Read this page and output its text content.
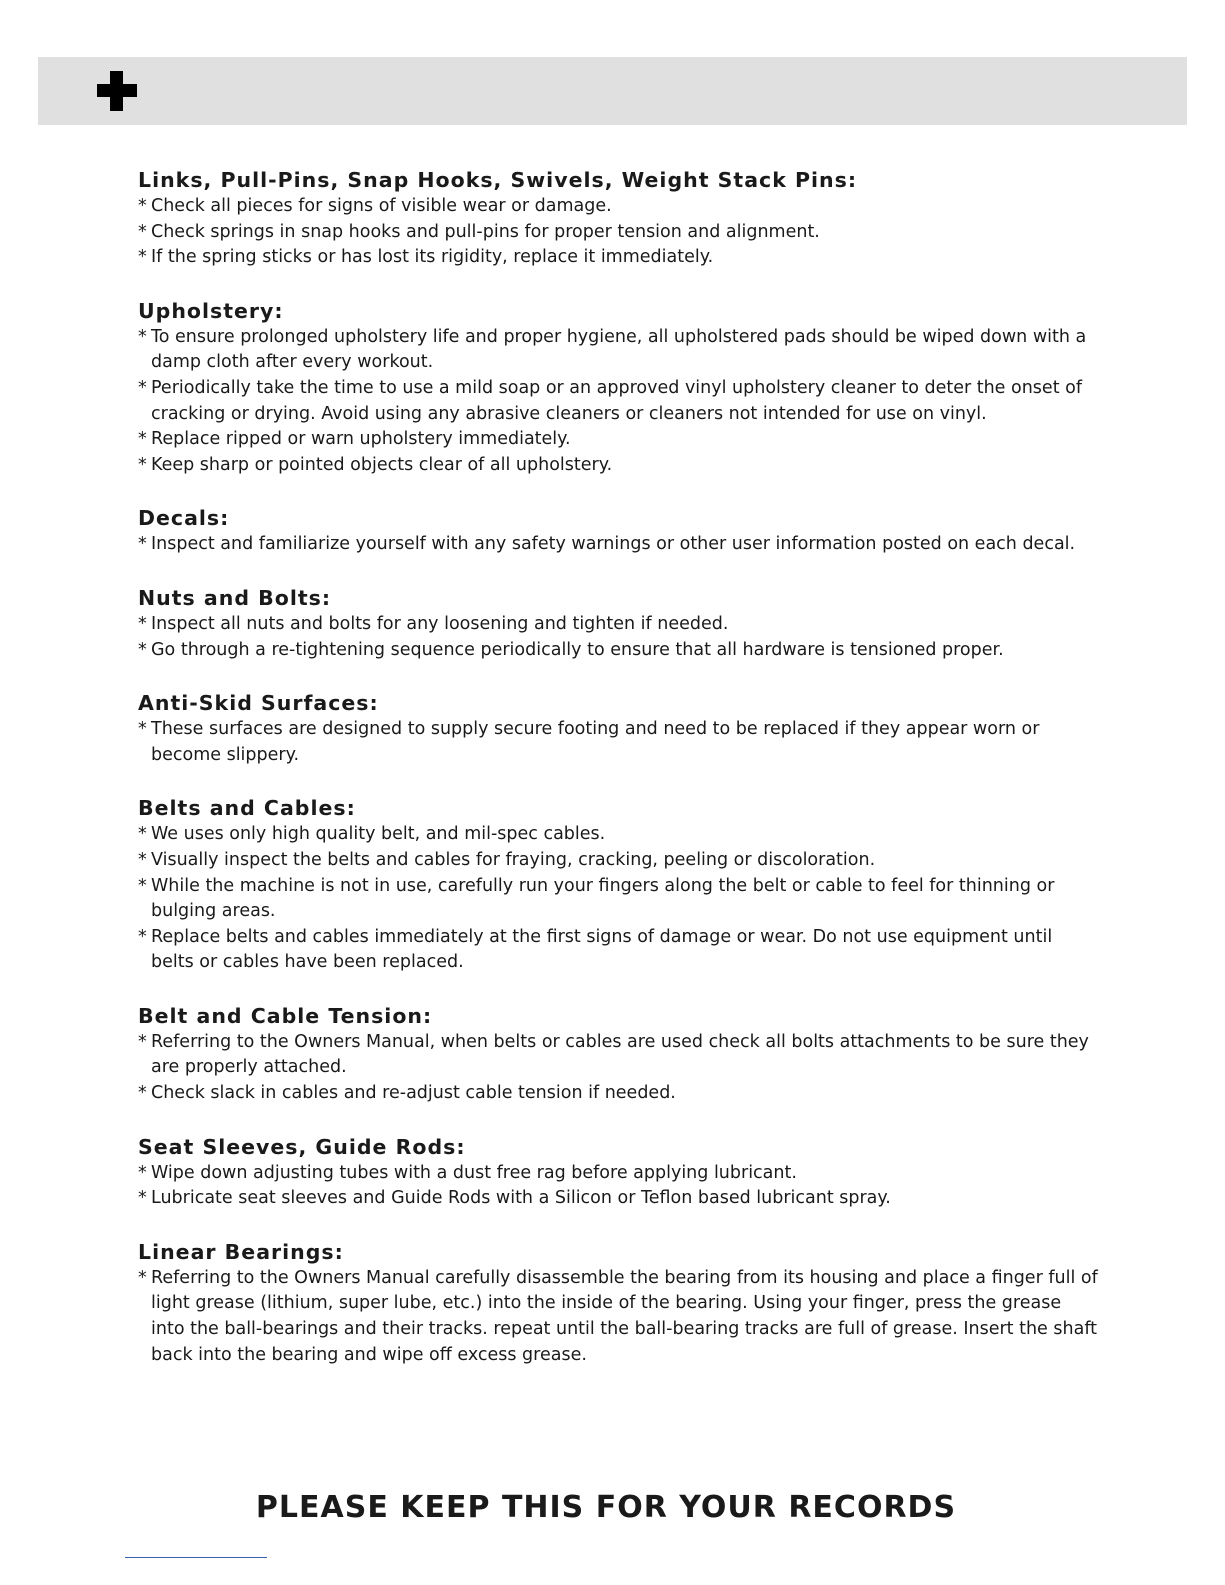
Links, Pull-Pins, Snap Hooks, Swivels, Weight Stack Pins:
* Check all pieces for signs of visible wear or damage.
* Check springs in snap hooks and pull-pins for proper tension and alignment.
* If the spring sticks or has lost its rigidity, replace it immediately.
Upholstery:
* To ensure prolonged upholstery life and proper hygiene, all upholstered pads should be wiped down with a damp cloth after every workout.
* Periodically take the time to use a mild soap or an approved vinyl upholstery cleaner to deter the onset of cracking or drying. Avoid using any abrasive cleaners or cleaners not intended for use on vinyl.
* Replace ripped or warn upholstery immediately.
* Keep sharp or pointed objects clear of all upholstery.
Decals:
* Inspect and familiarize yourself with any safety warnings or other user information posted on each decal.
Nuts and Bolts:
* Inspect all nuts and bolts for any loosening and tighten if needed.
* Go through a re-tightening sequence periodically to ensure that all hardware is tensioned proper.
Anti-Skid Surfaces:
* These surfaces are designed to supply secure footing and need to be replaced if they appear worn or become slippery.
Belts and Cables:
* We uses only high quality belt, and mil-spec cables.
* Visually inspect the belts and cables for fraying, cracking, peeling or discoloration.
* While the machine is not in use, carefully run your fingers along the belt or cable to feel for thinning or bulging areas.
* Replace belts and cables immediately at the first signs of damage or wear. Do not use equipment until belts or cables have been replaced.
Belt and Cable Tension:
* Referring to the Owners Manual, when belts or cables are used check all bolts attachments to be sure they are properly attached.
* Check slack in cables and re-adjust cable tension if needed.
Seat Sleeves, Guide Rods:
* Wipe down adjusting tubes with a dust free rag before applying lubricant.
* Lubricate seat sleeves and Guide Rods with a Silicon or Teflon based lubricant spray.
Linear Bearings:
* Referring to the Owners Manual carefully disassemble the bearing from its housing and place a finger full of light grease (lithium, super lube, etc.) into the inside of the bearing. Using your finger, press the grease into the ball-bearings and their tracks. repeat until the ball-bearing tracks are full of grease. Insert the shaft back into the bearing and wipe off excess grease.

PLEASE KEEP THIS FOR YOUR RECORDS
